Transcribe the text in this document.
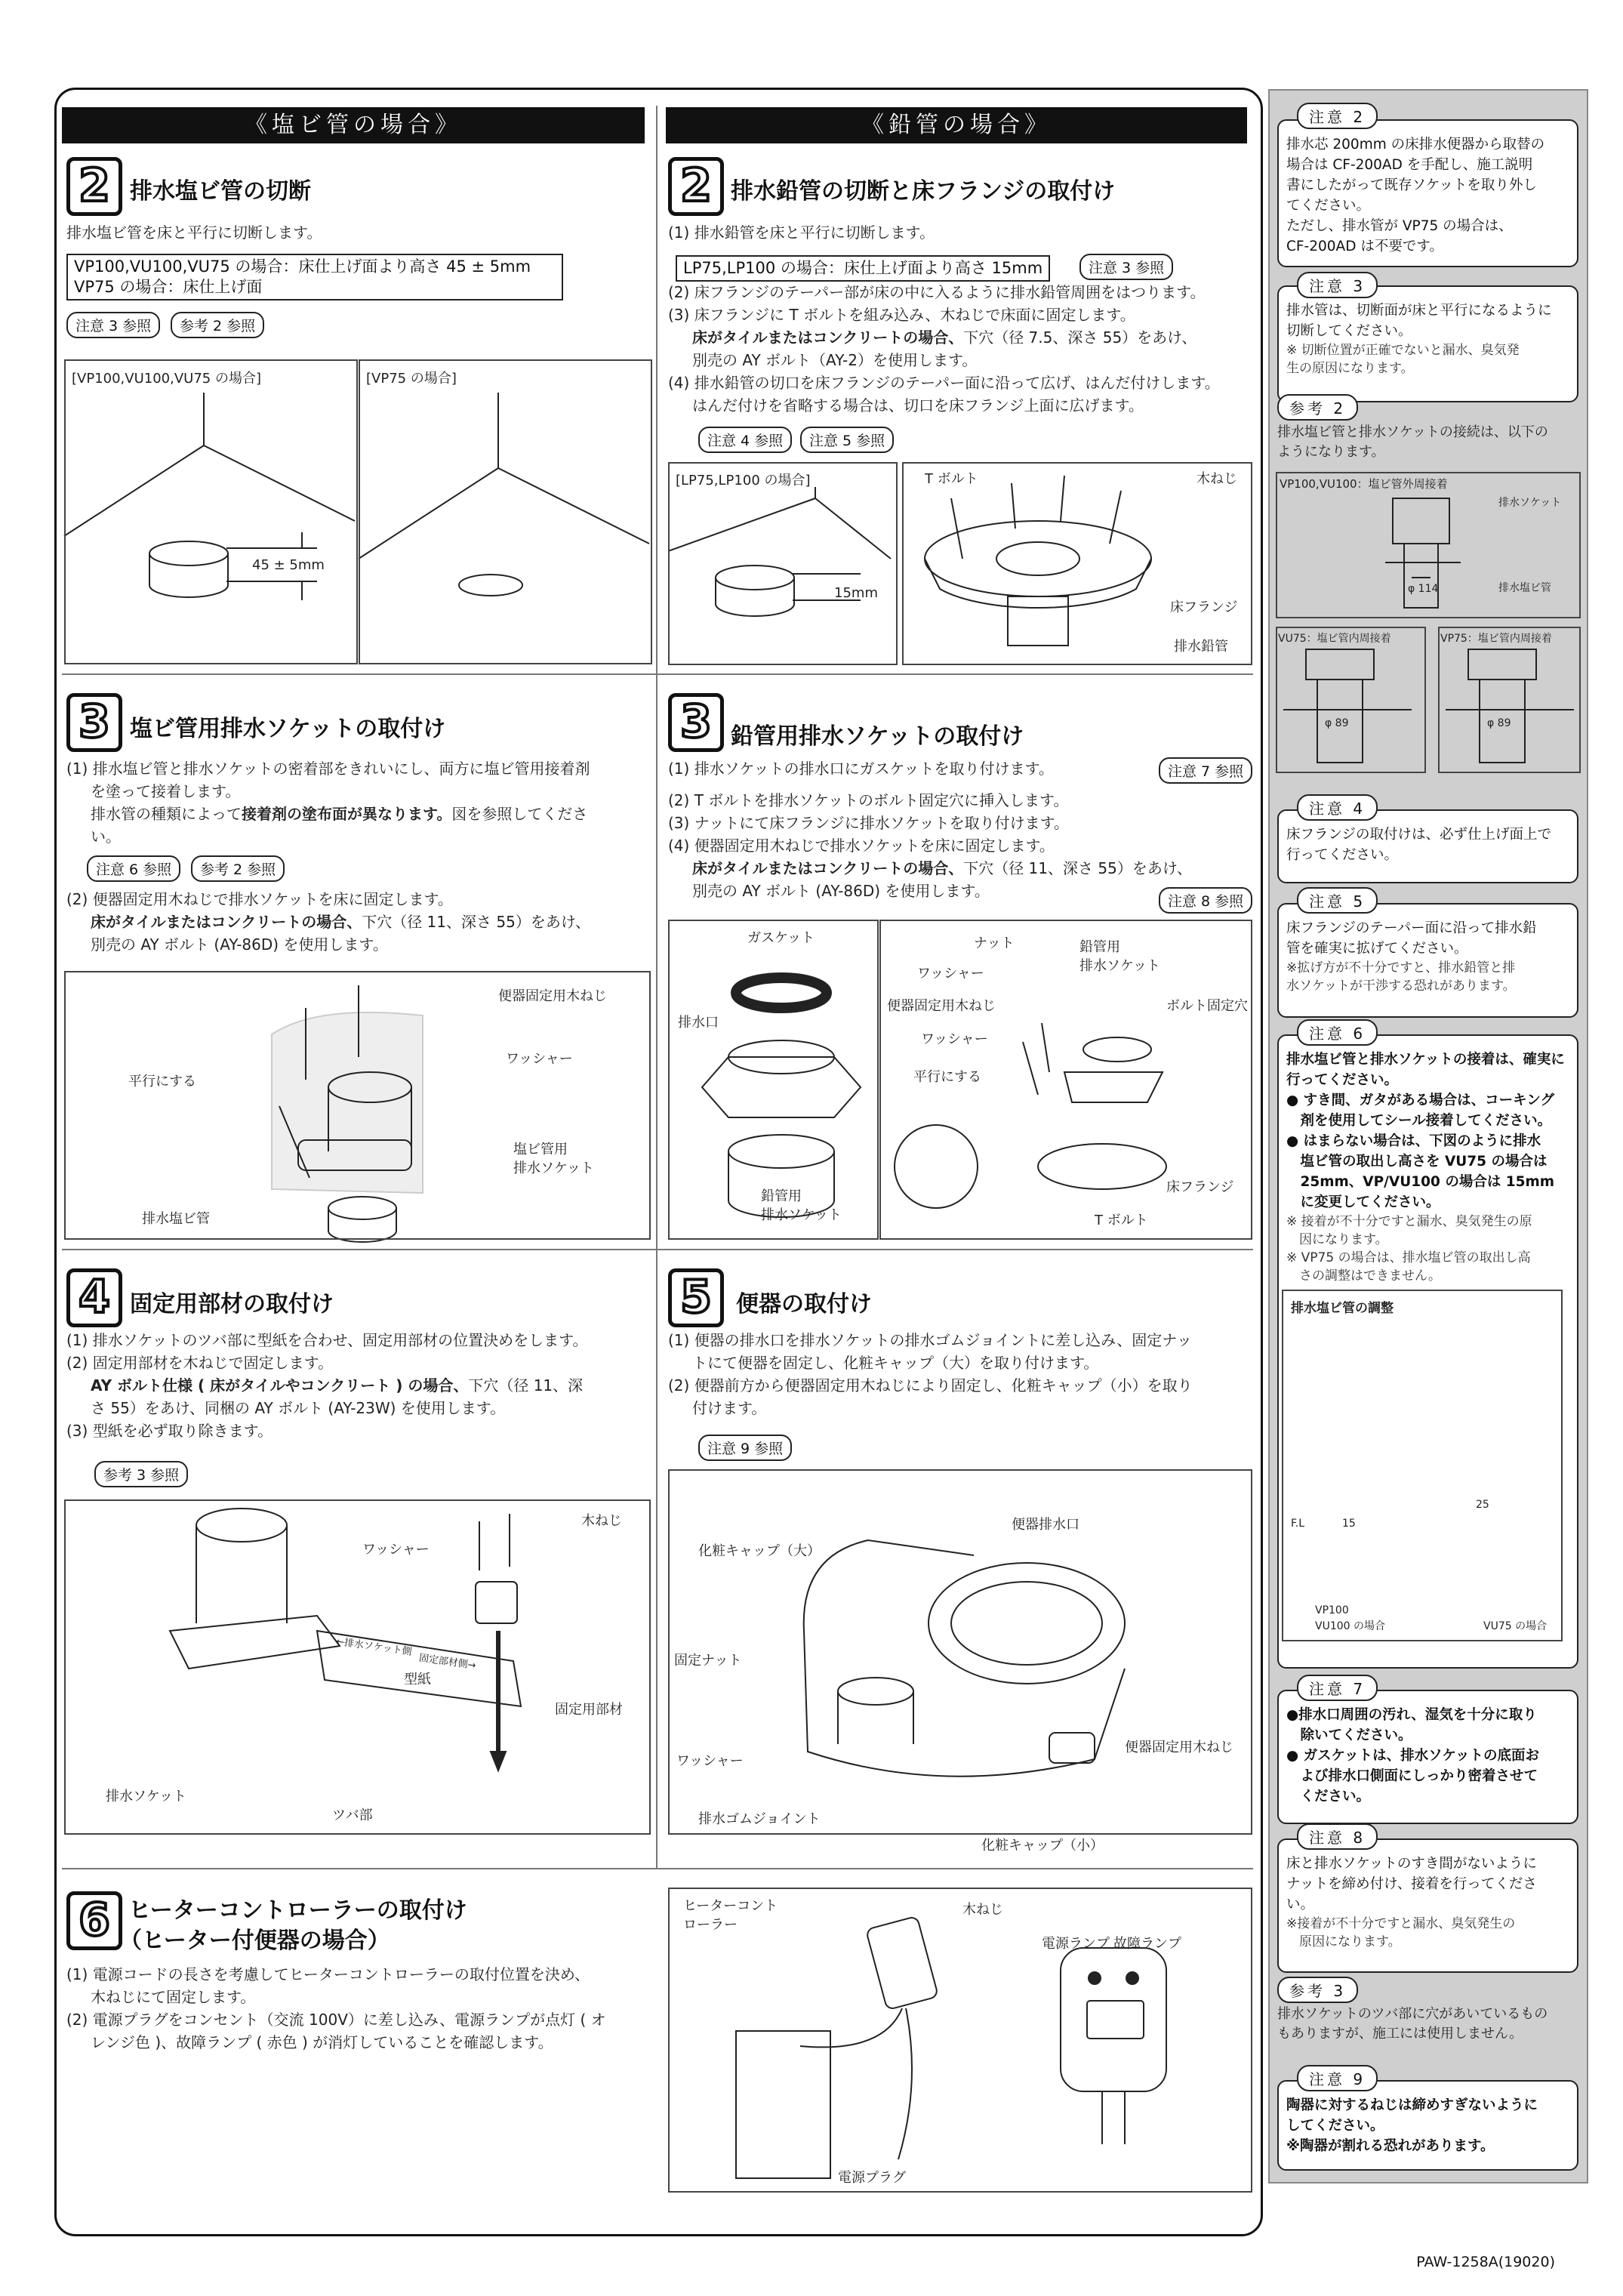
《塩ビ管の場合》	《鉛管の場合》
2 排水塩ビ管の切断
排水塩ビ管を床と平行に切断します。
VP100,VU100,VU75 の場合：床仕上げ面より高さ 45 ± 5mm
VP75 の場合：床仕上げ面
注意 3 参照	参考 2 参照
[VP100,VU100,VU75 の場合]
45 ± 5mm
[VP75 の場合]
2 排水鉛管の切断と床フランジの取付け
(1) 排水鉛管を床と平行に切断します。
LP75,LP100 の場合：床仕上げ面より高さ 15mm	注意 3 参照
(2) 床フランジのテーパー部が床の中に入るように排水鉛管周囲をはつります。
(3) 床フランジに T ボルトを組み込み、木ねじで床面に固定します。
床がタイルまたはコンクリートの場合、下穴（径 7.5、深さ 55）をあけ、
別売の AY ボルト（AY-2）を使用します。
(4) 排水鉛管の切口を床フランジのテーパー面に沿って広げ、はんだ付けします。
はんだ付けを省略する場合は、切口を床フランジ上面に広げます。
注意 4 参照	注意 5 参照
[LP75,LP100 の場合]
15mm
T ボルト	木ねじ
床フランジ
排水鉛管
3 塩ビ管用排水ソケットの取付け
(1) 排水塩ビ管と排水ソケットの密着部をきれいにし、両方に塩ビ管用接着剤
を塗って接着します。
排水管の種類によって接着剤の塗布面が異なります。図を参照してくださ
い。
注意 6 参照	参考 2 参照
(2) 便器固定用木ねじで排水ソケットを床に固定します。
床がタイルまたはコンクリートの場合、下穴（径 11、深さ 55）をあけ、
別売の AY ボルト (AY-86D) を使用します。
便器固定用木ねじ
ワッシャー
平行にする
塩ビ管用
排水ソケット
排水塩ビ管
3 鉛管用排水ソケットの取付け
(1) 排水ソケットの排水口にガスケットを取り付けます。	注意 7 参照
(2) T ボルトを排水ソケットのボルト固定穴に挿入します。
(3) ナットにて床フランジに排水ソケットを取り付けます。
(4) 便器固定用木ねじで排水ソケットを床に固定します。
床がタイルまたはコンクリートの場合、下穴（径 11、深さ 55）をあけ、
別売の AY ボルト (AY-86D) を使用します。
注意 8 参照
ガスケット
排水口
鉛管用
排水ソケット
ナット	鉛管用
排水ソケット
ワッシャー
便器固定用木ねじ	ボルト固定穴
ワッシャー
平行にする
床フランジ
T ボルト
4 固定用部材の取付け
(1) 排水ソケットのツバ部に型紙を合わせ、固定用部材の位置決めをします。
(2) 固定用部材を木ねじで固定します。
AY ボルト仕様 ( 床がタイルやコンクリート ) の場合、下穴（径 11、深
さ 55）をあけ、同梱の AY ボルト (AY-23W) を使用します。
(3) 型紙を必ず取り除きます。
参考 3 参照
木ねじ
ワッシャー
型紙
固定用部材
排水ソケット
ツバ部
←排水ソケット側
固定部材側→
5	便器の取付け
(1) 便器の排水口を排水ソケットの排水ゴムジョイントに差し込み、固定ナッ
トにて便器を固定し、化粧キャップ（大）を取り付けます。
(2) 便器前方から便器固定用木ねじにより固定し、化粧キャップ（小）を取り
付けます。
注意 9 参照
便器排水口
化粧キャップ（大）
固定ナット
ワッシャー
便器固定用木ねじ
排水ゴムジョイント
化粧キャップ（小）
6 ヒーターコントローラーの取付け
（ヒーター付便器の場合）
(1) 電源コードの長さを考慮してヒーターコントローラーの取付位置を決め、
木ねじにて固定します。
(2) 電源プラグをコンセント（交流 100V）に差し込み、電源ランプが点灯 ( オ
レンジ色 )、故障ランプ ( 赤色 ) が消灯していることを確認します。
ヒーターコント
ローラー
木ねじ
電源ランプ 故障ランプ
電源プラグ
排水芯 200mm の床排水便器から取替の
場合は CF-200AD を手配し、施工説明
書にしたがって既存ソケットを取り外し
てください。
ただし、排水管が VP75 の場合は、
CF-200AD は不要です。
注意 2
排水管は、切断面が床と平行になるように
切断してください。
※ 切断位置が正確でないと漏水、臭気発
生の原因になります。
注意 3
参考 2
排水塩ビ管と排水ソケットの接続は、以下の
ようになります。
VP100,VU100：塩ビ管外周接着
排水ソケット
排水塩ビ管
φ 114
VU75：塩ビ管内周接着	VP75：塩ビ管内周接着
φ 89	φ 89
床フランジの取付けは、必ず仕上げ面上で
行ってください。
注意 4
床フランジのテーパー面に沿って排水鉛
管を確実に拡げてください。
※拡げ方が不十分ですと、排水鉛管と排
水ソケットが干渉する恐れがあります。
注意 5
排水塩ビ管と排水ソケットの接着は、確実に
行ってください。
● すき間、ガタがある場合は、コーキング
　剤を使用してシール接着してください。
● はまらない場合は、下図のように排水
　塩ビ管の取出し高さを VU75 の場合は
　25mm、VP/VU100 の場合は 15mm
　に変更してください。
※ 接着が不十分ですと漏水、臭気発生の原
　因になります。
※ VP75 の場合は、排水塩ビ管の取出し高
　さの調整はできません。
注意 6
排水塩ビ管の調整
F.L	15
25
VP100
VU100 の場合	VU75 の場合
●排水口周囲の汚れ、湿気を十分に取り
　除いてください。
● ガスケットは、排水ソケットの底面お
　よび排水口側面にしっかり密着させて
　ください。
注意 7
床と排水ソケットのすき間がないように
ナットを締め付け、接着を行ってくださ
い。
※接着が不十分ですと漏水、臭気発生の
　原因になります。
注意 8
参考 3
排水ソケットのツバ部に穴があいているもの
もありますが、施工には使用しません。
陶器に対するねじは締めすぎないように
してください。
※陶器が割れる恐れがあります。
注意 9
PAW-1258A(19020)
